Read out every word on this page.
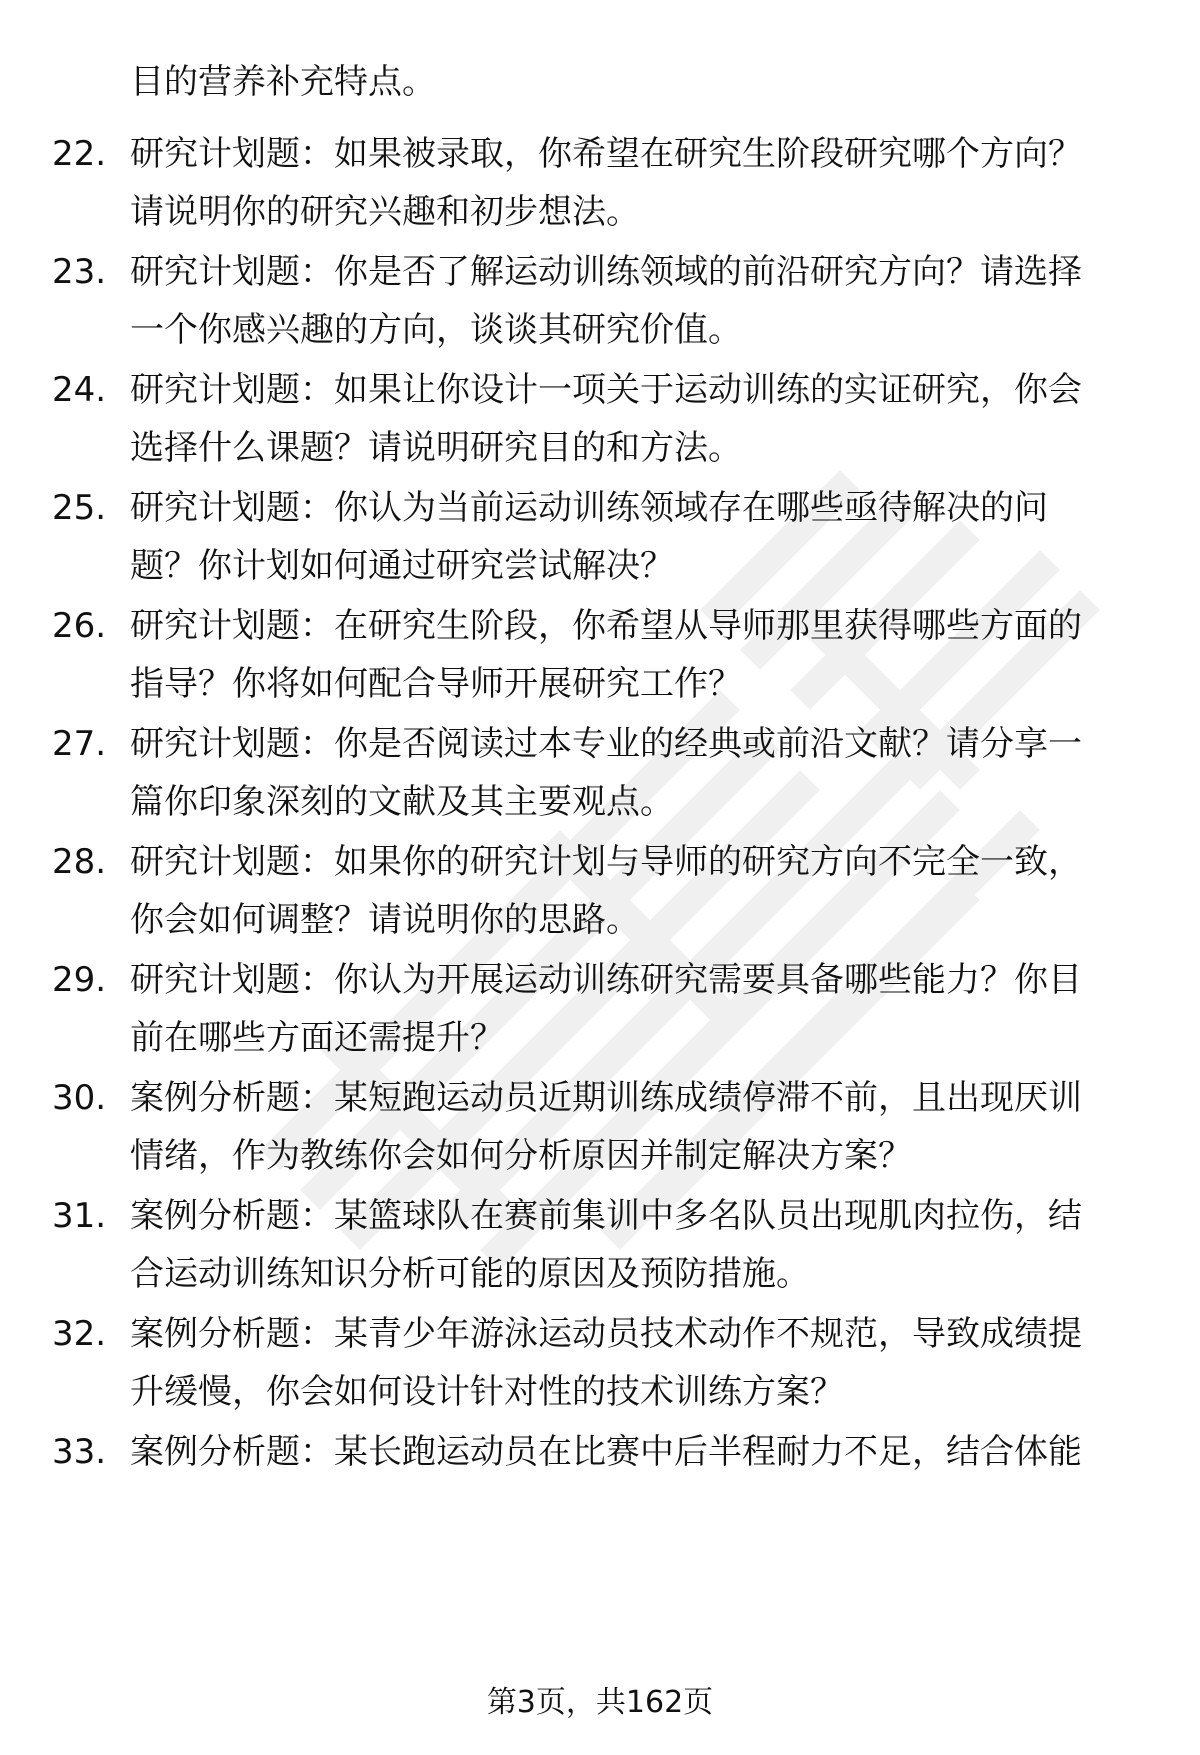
目的营养补充特点。
22. 研究计划题：如果被录取，你希望在研究生阶段研究哪个方向？
请说明你的研究兴趣和初步想法。
23. 研究计划题：你是否了解运动训练领域的前沿研究方向？请选择
一个你感兴趣的方向，谈谈其研究价值。
24. 研究计划题：如果让你设计一项关于运动训练的实证研究，你会
选择什么课题？请说明研究目的和方法。
25. 研究计划题：你认为当前运动训练领域存在哪些亟待解决的问
题？你计划如何通过研究尝试解决？
26. 研究计划题：在研究生阶段，你希望从导师那里获得哪些方面的
指导？你将如何配合导师开展研究工作？
27. 研究计划题：你是否阅读过本专业的经典或前沿文献？请分享一
篇你印象深刻的文献及其主要观点。
28. 研究计划题：如果你的研究计划与导师的研究方向不完全一致，
你会如何调整？请说明你的思路。
29. 研究计划题：你认为开展运动训练研究需要具备哪些能力？你目
前在哪些方面还需提升？
30. 案例分析题：某短跑运动员近期训练成绩停滞不前，且出现厌训
情绪，作为教练你会如何分析原因并制定解决方案？
31. 案例分析题：某篮球队在赛前集训中多名队员出现肌肉拉伤，结
合运动训练知识分析可能的原因及预防措施。
32. 案例分析题：某青少年游泳运动员技术动作不规范，导致成绩提
升缓慢，你会如何设计针对性的技术训练方案？
33. 案例分析题：某长跑运动员在比赛中后半程耐力不足，结合体能
第3页，共162页
